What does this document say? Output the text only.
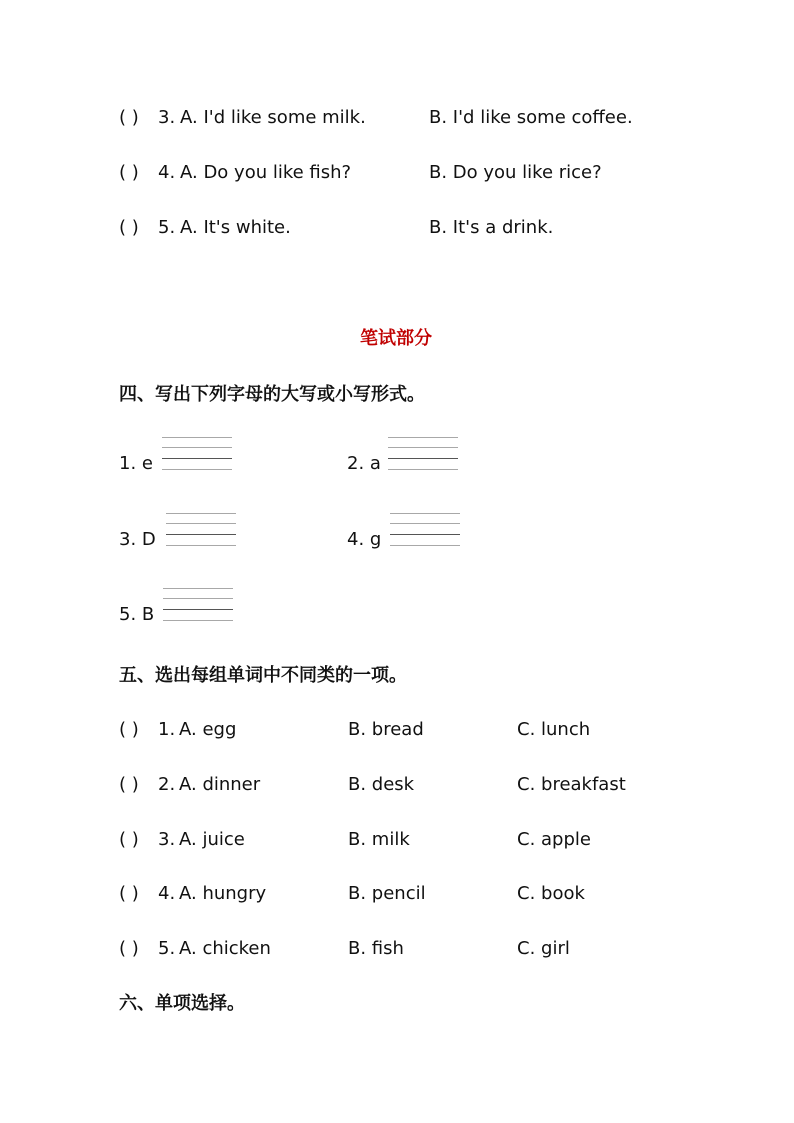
( ) 3. A. I'd like some milk.	B. I'd like some coffee.
( ) 4. A. Do you like fish?	B. Do you like rice?
( ) 5. A. It's white.	B. It's a drink.
笔试部分
四、写出下列字母的大写或小写形式。
1. e	2. a
3. D	4. g
5. B
五、选出每组单词中不同类的一项。
( ) 1. A. egg	B. bread	C. lunch
( ) 2. A. dinner	B. desk	C. breakfast
( ) 3. A. juice	B. milk	C. apple
( ) 4. A. hungry	B. pencil	C. book
( ) 5. A. chicken	B. fish	C. girl
六、单项选择。
